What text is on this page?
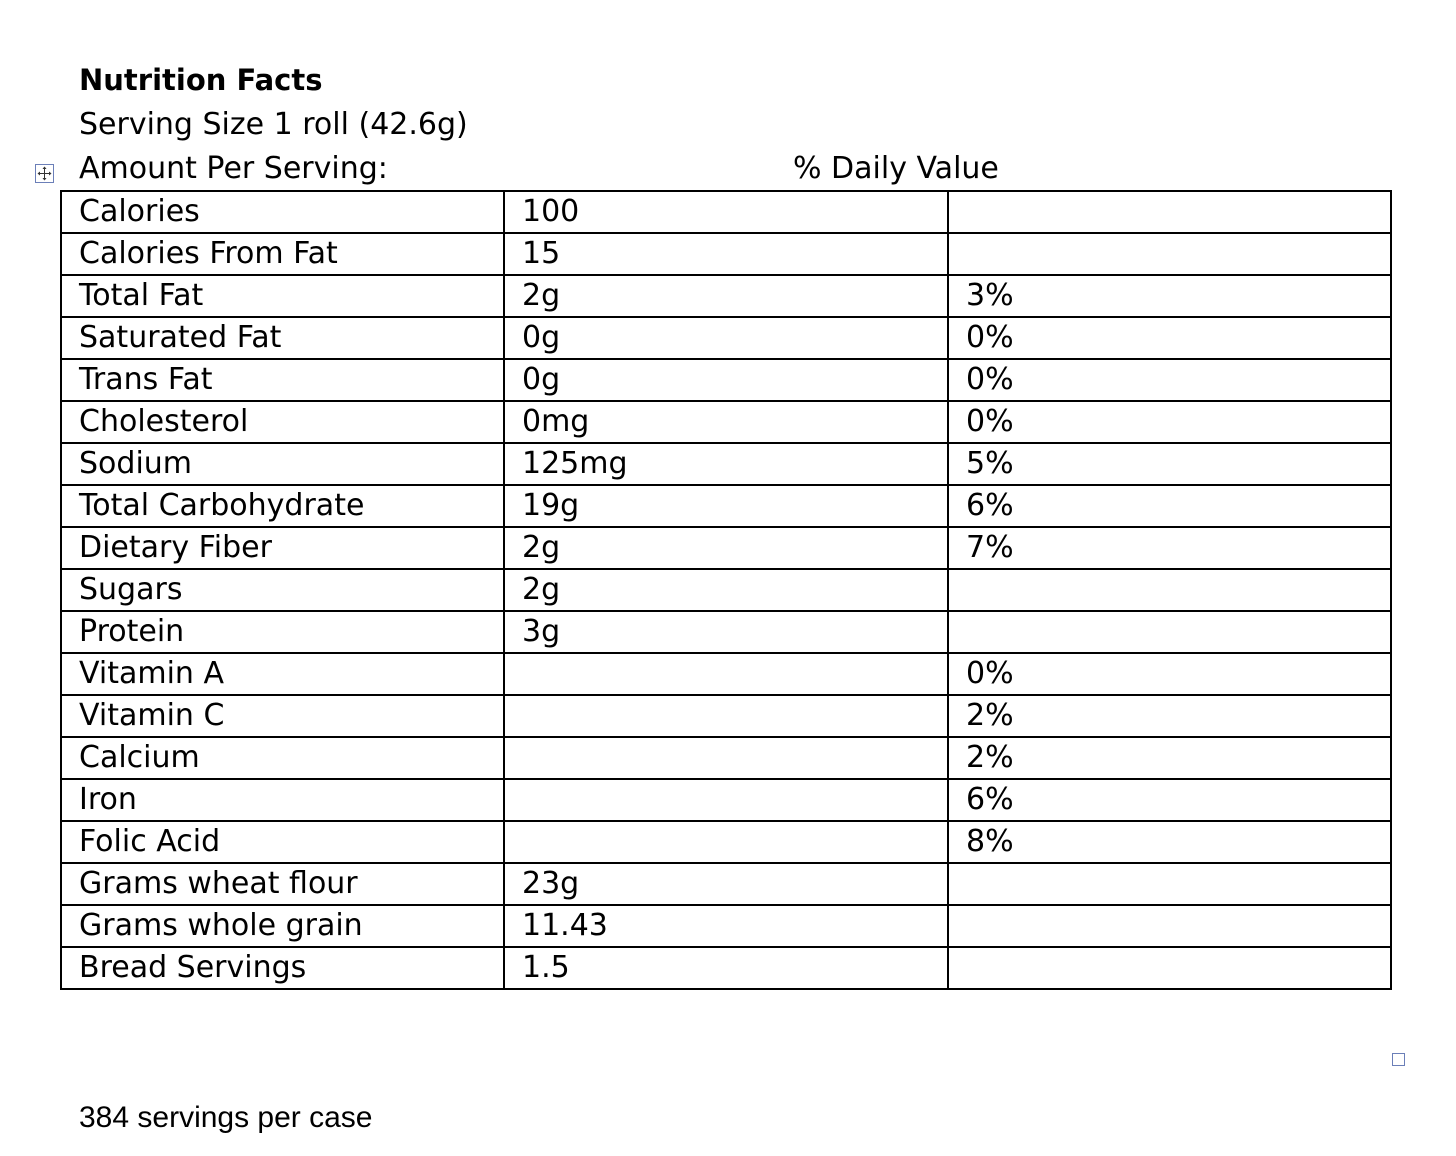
Nutrition Facts
Serving Size 1 roll (42.6g)
Amount Per Serving:	% Daily Value
Calories	100	
Calories From Fat	15	
Total Fat	2g	3%
Saturated Fat	0g	0%
Trans Fat	0g	0%
Cholesterol	0mg	0%
Sodium	125mg	5%
Total Carbohydrate	19g	6%
Dietary Fiber	2g	7%
Sugars	2g	
Protein	3g	
Vitamin A		0%
Vitamin C		2%
Calcium		2%
Iron		6%
Folic Acid		8%
Grams wheat flour	23g	
Grams whole grain	11.43	
Bread Servings	1.5	
384 servings per case
